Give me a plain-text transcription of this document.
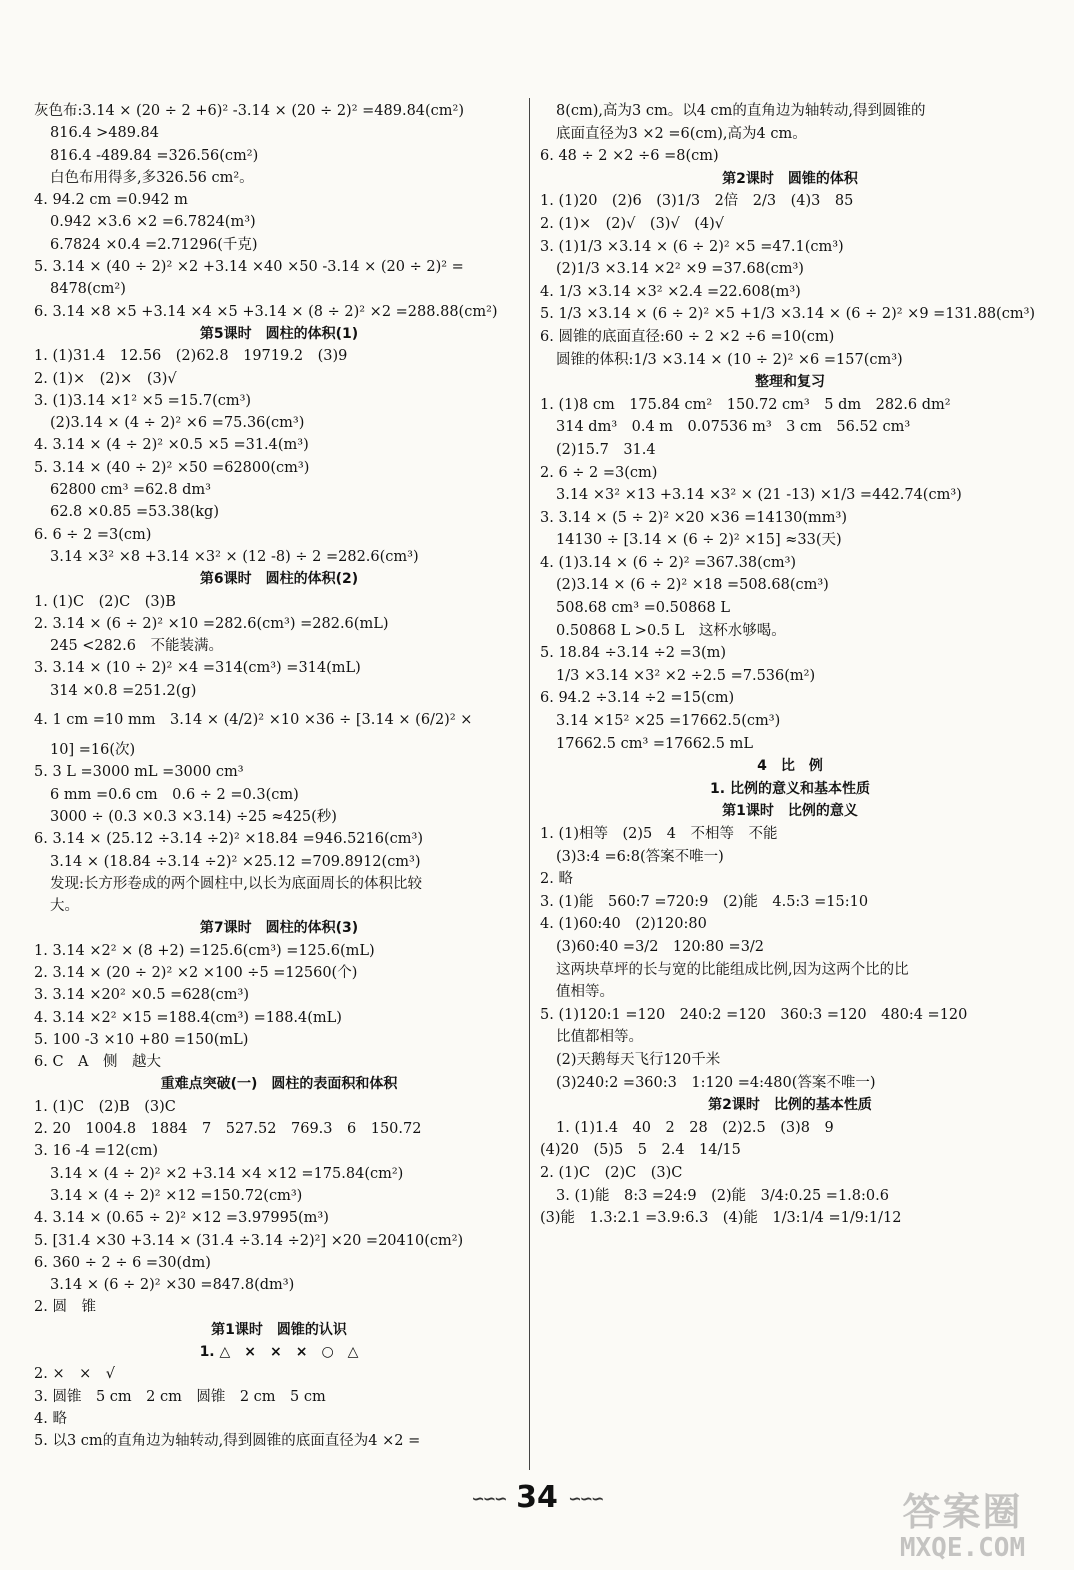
灰色布:3.14 × (20 ÷ 2 +6)² -3.14 × (20 ÷ 2)² =489.84(cm²)
816.4 >489.84
816.4 -489.84 =326.56(cm²)
白色布用得多,多326.56 cm²。
4. 94.2 cm =0.942 m
0.942 ×3.6 ×2 =6.7824(m³)
6.7824 ×0.4 =2.71296(千克)
5. 3.14 × (40 ÷ 2)² ×2 +3.14 ×40 ×50 -3.14 × (20 ÷ 2)² =
8478(cm²)
6. 3.14 ×8 ×5 +3.14 ×4 ×5 +3.14 × (8 ÷ 2)² ×2 =288.88(cm²)
第5课时　圆柱的体积(1)
1. (1)31.4　12.56　(2)62.8　19719.2　(3)9
2. (1)×　(2)×　(3)√
3. (1)3.14 ×1² ×5 =15.7(cm³)
(2)3.14 × (4 ÷ 2)² ×6 =75.36(cm³)
4. 3.14 × (4 ÷ 2)² ×0.5 ×5 =31.4(m³)
5. 3.14 × (40 ÷ 2)² ×50 =62800(cm³)
62800 cm³ =62.8 dm³
62.8 ×0.85 =53.38(kg)
6. 6 ÷ 2 =3(cm)
3.14 ×3² ×8 +3.14 ×3² × (12 -8) ÷ 2 =282.6(cm³)
第6课时　圆柱的体积(2)
1. (1)C　(2)C　(3)B
2. 3.14 × (6 ÷ 2)² ×10 =282.6(cm³) =282.6(mL)
245 <282.6　不能装满。
3. 3.14 × (10 ÷ 2)² ×4 =314(cm³) =314(mL)
314 ×0.8 =251.2(g)
4. 1 cm =10 mm　3.14 × (4/2)² ×10 ×36 ÷ [3.14 × (6/2)² ×
10] =16(次)
5. 3 L =3000 mL =3000 cm³
6 mm =0.6 cm　0.6 ÷ 2 =0.3(cm)
3000 ÷ (0.3 ×0.3 ×3.14) ÷25 ≈425(秒)
6. 3.14 × (25.12 ÷3.14 ÷2)² ×18.84 =946.5216(cm³)
3.14 × (18.84 ÷3.14 ÷2)² ×25.12 =709.8912(cm³)
发现:长方形卷成的两个圆柱中,以长为底面周长的体积比较
大。
第7课时　圆柱的体积(3)
1. 3.14 ×2² × (8 +2) =125.6(cm³) =125.6(mL)
2. 3.14 × (20 ÷ 2)² ×2 ×100 ÷5 =12560(个)
3. 3.14 ×20² ×0.5 =628(cm³)
4. 3.14 ×2² ×15 =188.4(cm³) =188.4(mL)
5. 100 -3 ×10 +80 =150(mL)
6. C　A　侧　越大
重难点突破(一)　圆柱的表面积和体积
1. (1)C　(2)B　(3)C
2. 20　1004.8　1884　7　527.52　769.3　6　150.72
3. 16 -4 =12(cm)
3.14 × (4 ÷ 2)² ×2 +3.14 ×4 ×12 =175.84(cm²)
3.14 × (4 ÷ 2)² ×12 =150.72(cm³)
4. 3.14 × (0.65 ÷ 2)² ×12 =3.97995(m³)
5. [31.4 ×30 +3.14 × (31.4 ÷3.14 ÷2)²] ×20 =20410(cm²)
6. 360 ÷ 2 ÷ 6 =30(dm)
3.14 × (6 ÷ 2)² ×30 =847.8(dm³)
2. 圆　锥
第1课时　圆锥的认识
1. △　×　×　×　○　△
2. ×　×　√
3. 圆锥　5 cm　2 cm　圆锥　2 cm　5 cm
4. 略
5. 以3 cm的直角边为轴转动,得到圆锥的底面直径为4 ×2 =
8(cm),高为3 cm。以4 cm的直角边为轴转动,得到圆锥的
底面直径为3 ×2 =6(cm),高为4 cm。
6. 48 ÷ 2 ×2 ÷6 =8(cm)
第2课时　圆锥的体积
1. (1)20　(2)6　(3)1/3　2倍　2/3　(4)3　85
2. (1)×　(2)√　(3)√　(4)√
3. (1)1/3 ×3.14 × (6 ÷ 2)² ×5 =47.1(cm³)
(2)1/3 ×3.14 ×2² ×9 =37.68(cm³)
4. 1/3 ×3.14 ×3² ×2.4 =22.608(m³)
5. 1/3 ×3.14 × (6 ÷ 2)² ×5 +1/3 ×3.14 × (6 ÷ 2)² ×9 =131.88(cm³)
6. 圆锥的底面直径:60 ÷ 2 ×2 ÷6 =10(cm)
圆锥的体积:1/3 ×3.14 × (10 ÷ 2)² ×6 =157(cm³)
整理和复习
1. (1)8 cm　175.84 cm²　150.72 cm³　5 dm　282.6 dm²
314 dm³　0.4 m　0.07536 m³　3 cm　56.52 cm³
(2)15.7　31.4
2. 6 ÷ 2 =3(cm)
3.14 ×3² ×13 +3.14 ×3² × (21 -13) ×1/3 =442.74(cm³)
3. 3.14 × (5 ÷ 2)² ×20 ×36 =14130(mm³)
14130 ÷ [3.14 × (6 ÷ 2)² ×15] ≈33(天)
4. (1)3.14 × (6 ÷ 2)² =367.38(cm³)
(2)3.14 × (6 ÷ 2)² ×18 =508.68(cm³)
508.68 cm³ =0.50868 L
0.50868 L >0.5 L　这杯水够喝。
5. 18.84 ÷3.14 ÷2 =3(m)
1/3 ×3.14 ×3² ×2 ÷2.5 =7.536(m²)
6. 94.2 ÷3.14 ÷2 =15(cm)
3.14 ×15² ×25 =17662.5(cm³)
17662.5 cm³ =17662.5 mL
4　比　例
1. 比例的意义和基本性质
第1课时　比例的意义
1. (1)相等　(2)5　4　不相等　不能
(3)3:4 =6:8(答案不唯一)
2. 略
3. (1)能　560:7 =720:9　(2)能　4.5:3 =15:10
4. (1)60:40　(2)120:80
(3)60:40 =3/2　120:80 =3/2
这两块草坪的长与宽的比能组成比例,因为这两个比的比
值相等。
5. (1)120:1 =120　240:2 =120　360:3 =120　480:4 =120
比值都相等。
(2)天鹅每天飞行120千米
(3)240:2 =360:3　1:120 =4:480(答案不唯一)
第2课时　比例的基本性质
1. (1)1.4　40　2　28　(2)2.5　(3)8　9
(4)20　(5)5　5　2.4　14/15
2. (1)C　(2)C　(3)C
3. (1)能　8:3 =24:9　(2)能　3/4:0.25 =1.8:0.6
(3)能　1.3:2.1 =3.9:6.3　(4)能　1/3:1/4 =1/9:1/12
∽∽∽ 34 ∽∽∽	答案圈
MXQE.COM
